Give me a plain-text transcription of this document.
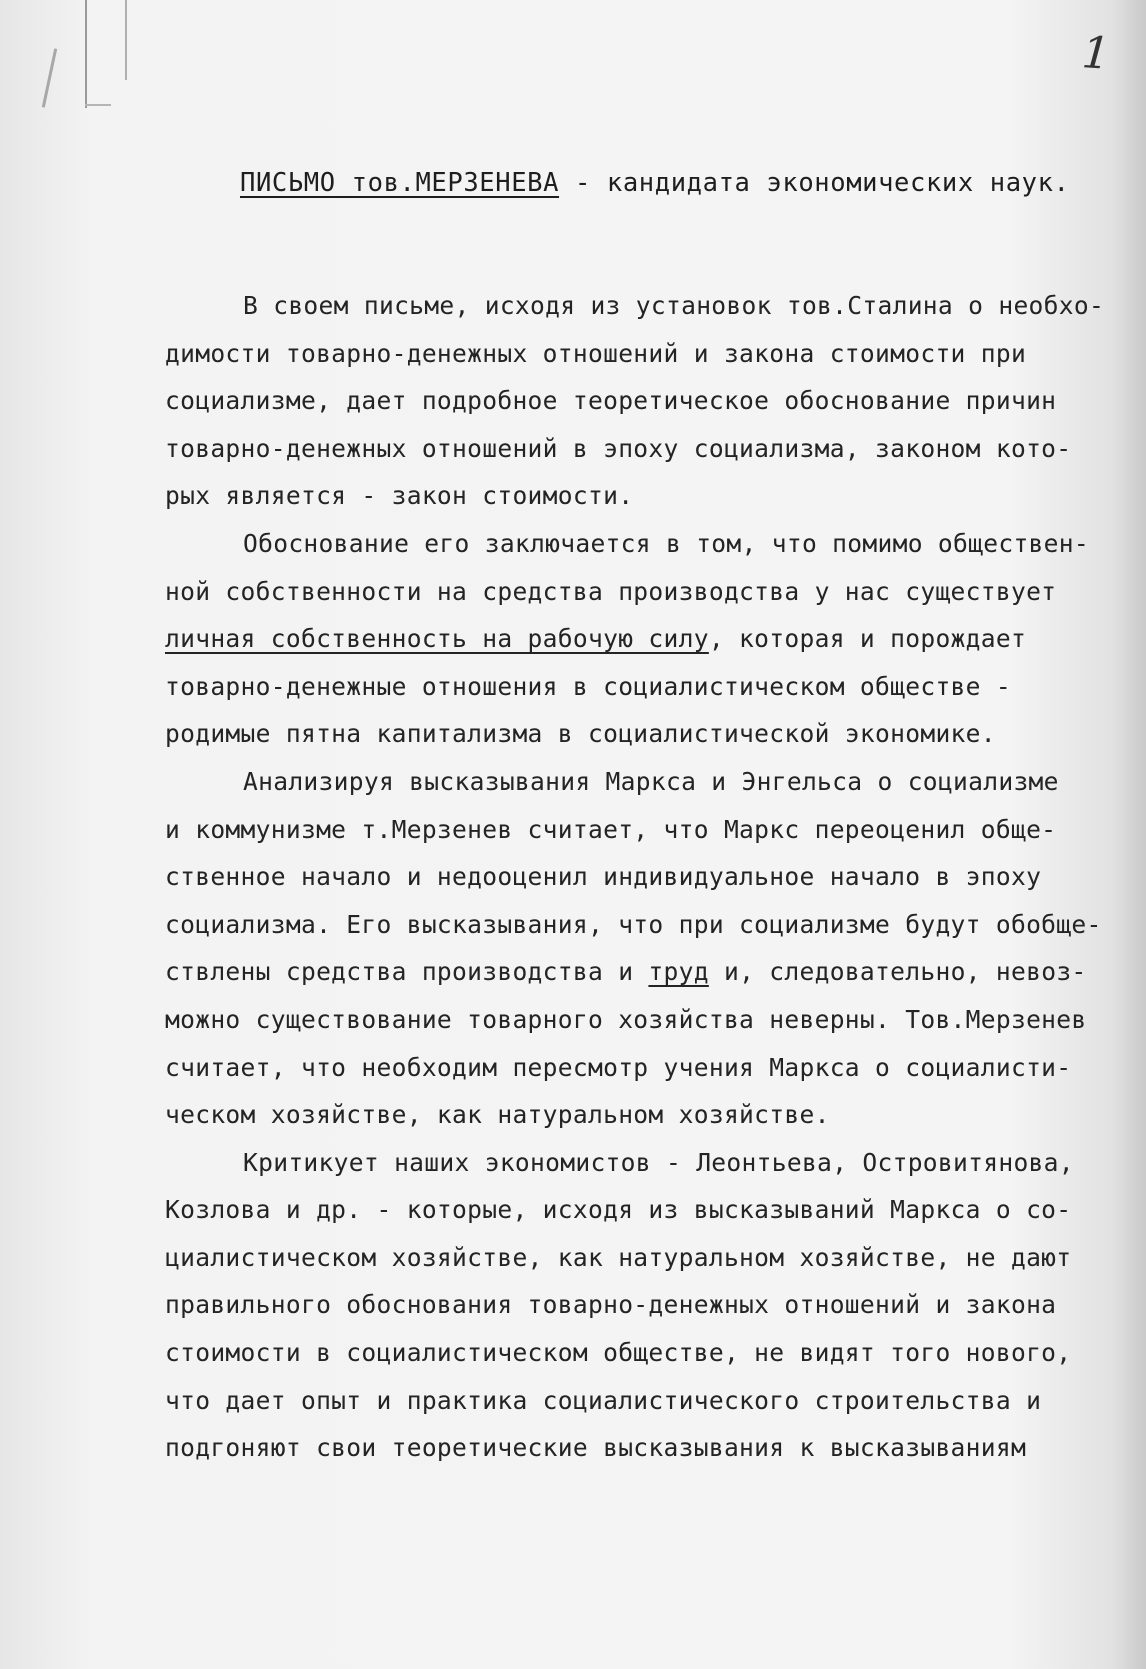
1
ПИСЬМО тов.МЕРЗЕНЕВА - кандидата экономических наук.
В своем письме, исходя из установок тов.Сталина о необхо-
димости товарно-денежных отношений и закона стоимости при
социализме, дает подробное теоретическое обоснование причин
товарно-денежных отношений в эпоху социализма, законом кото-
рых является - закон стоимости.
Обоснование его заключается в том, что помимо обществен-
ной собственности на средства производства у нас существует
личная собственность на рабочую силу, которая и порождает
товарно-денежные отношения в социалистическом обществе -
родимые пятна капитализма в социалистической экономике.
Анализируя высказывания Маркса и Энгельса о социализме
и коммунизме т.Мерзенев считает, что Маркс переоценил обще-
ственное начало и недооценил индивидуальное начало в эпоху
социализма. Его высказывания, что при социализме будут обобще-
ствлены средства производства и труд и, следовательно, невоз-
можно существование товарного хозяйства неверны. Тов.Мерзенев
считает, что необходим пересмотр учения Маркса о социалисти-
ческом хозяйстве, как натуральном хозяйстве.
Критикует наших экономистов - Леонтьева, Островитянова,
Козлова и др. - которые, исходя из высказываний Маркса о со-
циалистическом хозяйстве, как натуральном хозяйстве, не дают
правильного обоснования товарно-денежных отношений и закона
стоимости в социалистическом обществе, не видят того нового,
что дает опыт и практика социалистического строительства и
подгоняют свои теоретические высказывания к высказываниям
